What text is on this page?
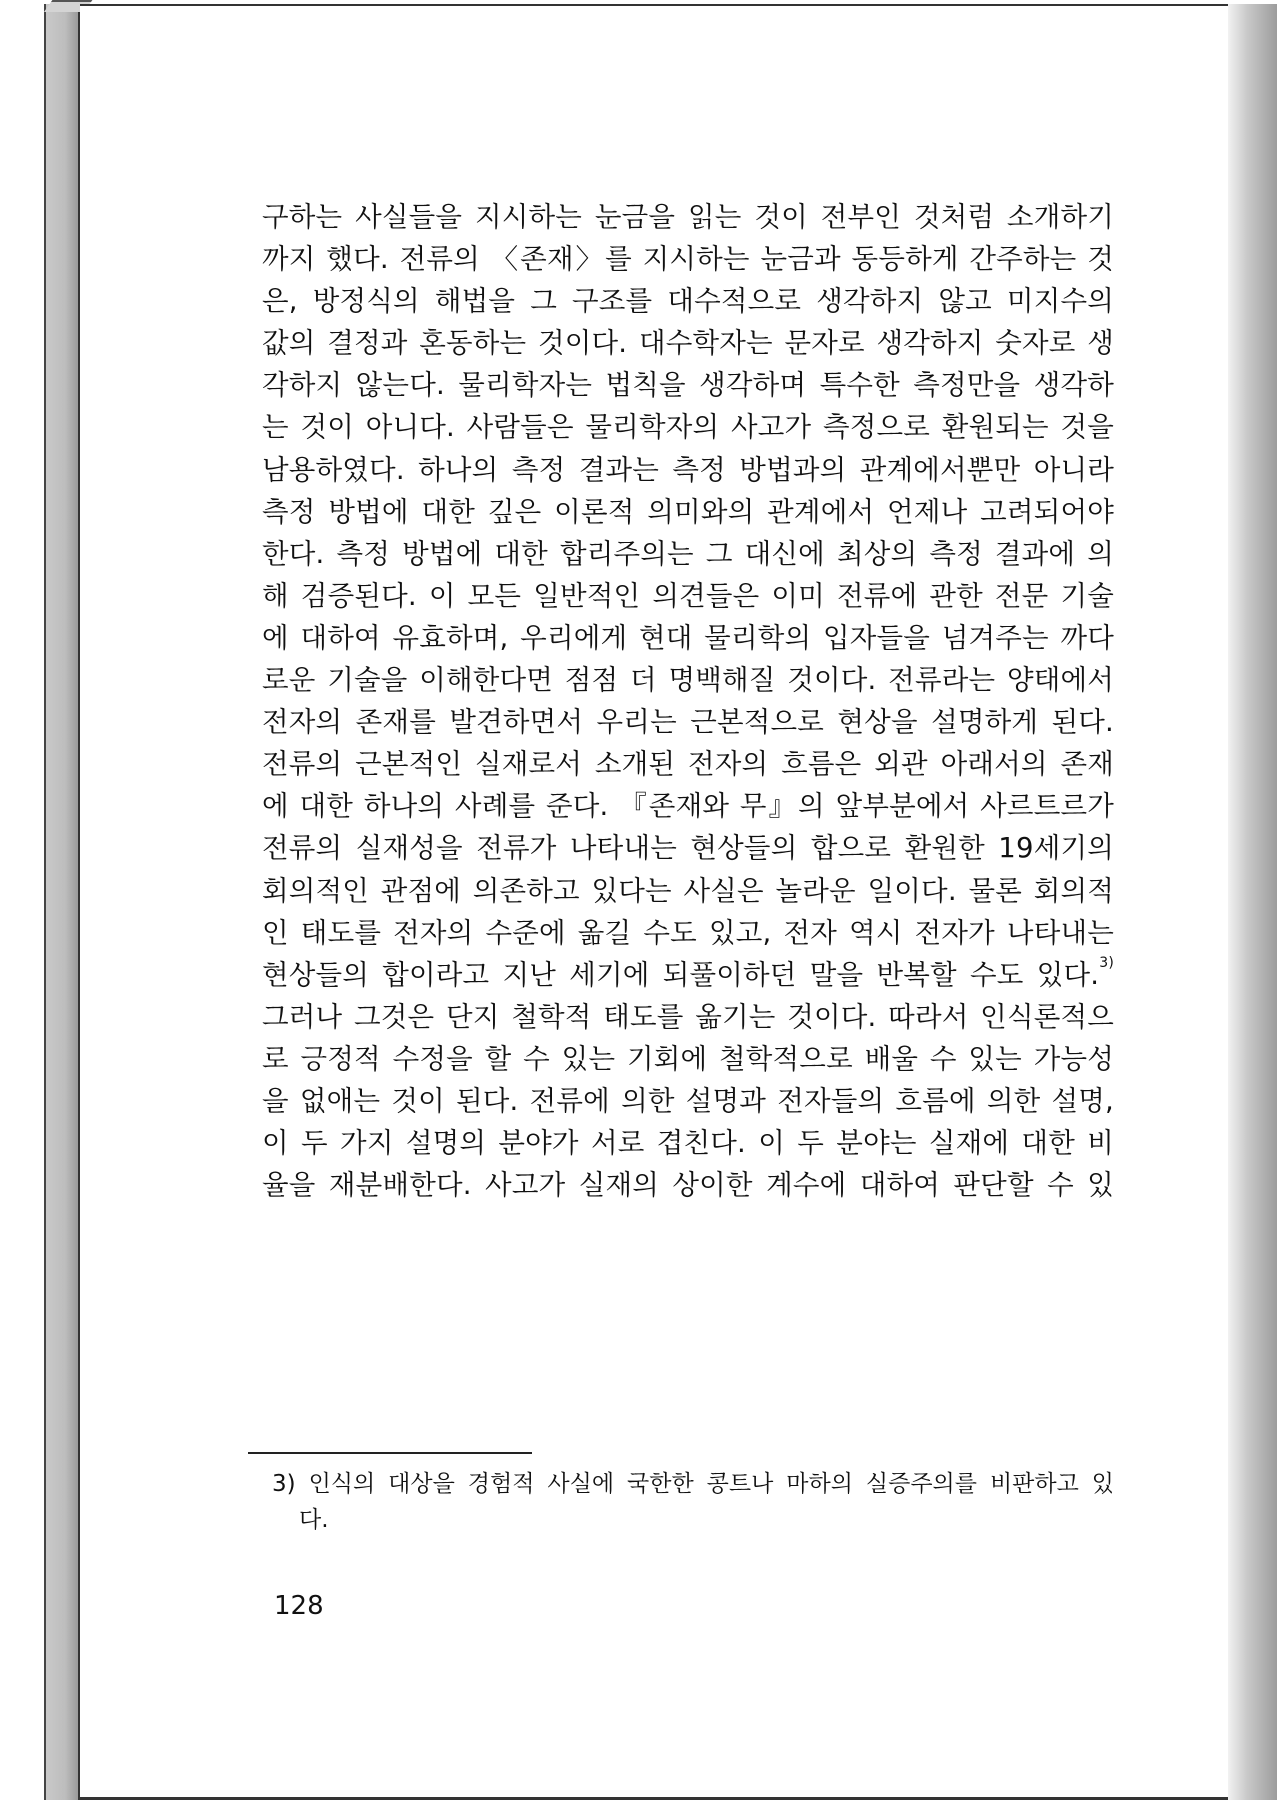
구하는 사실들을 지시하는 눈금을 읽는 것이 전부인 것처럼 소개하기
까지 했다. 전류의 〈존재〉를 지시하는 눈금과 동등하게 간주하는 것
은, 방정식의 해법을 그 구조를 대수적으로 생각하지 않고 미지수의
값의 결정과 혼동하는 것이다. 대수학자는 문자로 생각하지 숫자로 생
각하지 않는다. 물리학자는 법칙을 생각하며 특수한 측정만을 생각하
는 것이 아니다. 사람들은 물리학자의 사고가 측정으로 환원되는 것을
남용하였다. 하나의 측정 결과는 측정 방법과의 관계에서뿐만 아니라
측정 방법에 대한 깊은 이론적 의미와의 관계에서 언제나 고려되어야
한다. 측정 방법에 대한 합리주의는 그 대신에 최상의 측정 결과에 의
해 검증된다. 이 모든 일반적인 의견들은 이미 전류에 관한 전문 기술
에 대하여 유효하며, 우리에게 현대 물리학의 입자들을 넘겨주는 까다
로운 기술을 이해한다면 점점 더 명백해질 것이다. 전류라는 양태에서
전자의 존재를 발견하면서 우리는 근본적으로 현상을 설명하게 된다.
전류의 근본적인 실재로서 소개된 전자의 흐름은 외관 아래서의 존재
에 대한 하나의 사례를 준다. 『존재와 무』의 앞부분에서 사르트르가
전류의 실재성을 전류가 나타내는 현상들의 합으로 환원한 19세기의
회의적인 관점에 의존하고 있다는 사실은 놀라운 일이다. 물론 회의적
인 태도를 전자의 수준에 옮길 수도 있고, 전자 역시 전자가 나타내는
현상들의 합이라고 지난 세기에 되풀이하던 말을 반복할 수도 있다.$^{3)}$
그러나 그것은 단지 철학적 태도를 옮기는 것이다. 따라서 인식론적으
로 긍정적 수정을 할 수 있는 기회에 철학적으로 배울 수 있는 가능성
을 없애는 것이 된다. 전류에 의한 설명과 전자들의 흐름에 의한 설명,
이 두 가지 설명의 분야가 서로 겹친다. 이 두 분야는 실재에 대한 비
율을 재분배한다. 사고가 실재의 상이한 계수에 대하여 판단할 수 있
3) 인식의 대상을 경험적 사실에 국한한 콩트나 마하의 실증주의를 비판하고 있
다.
128
